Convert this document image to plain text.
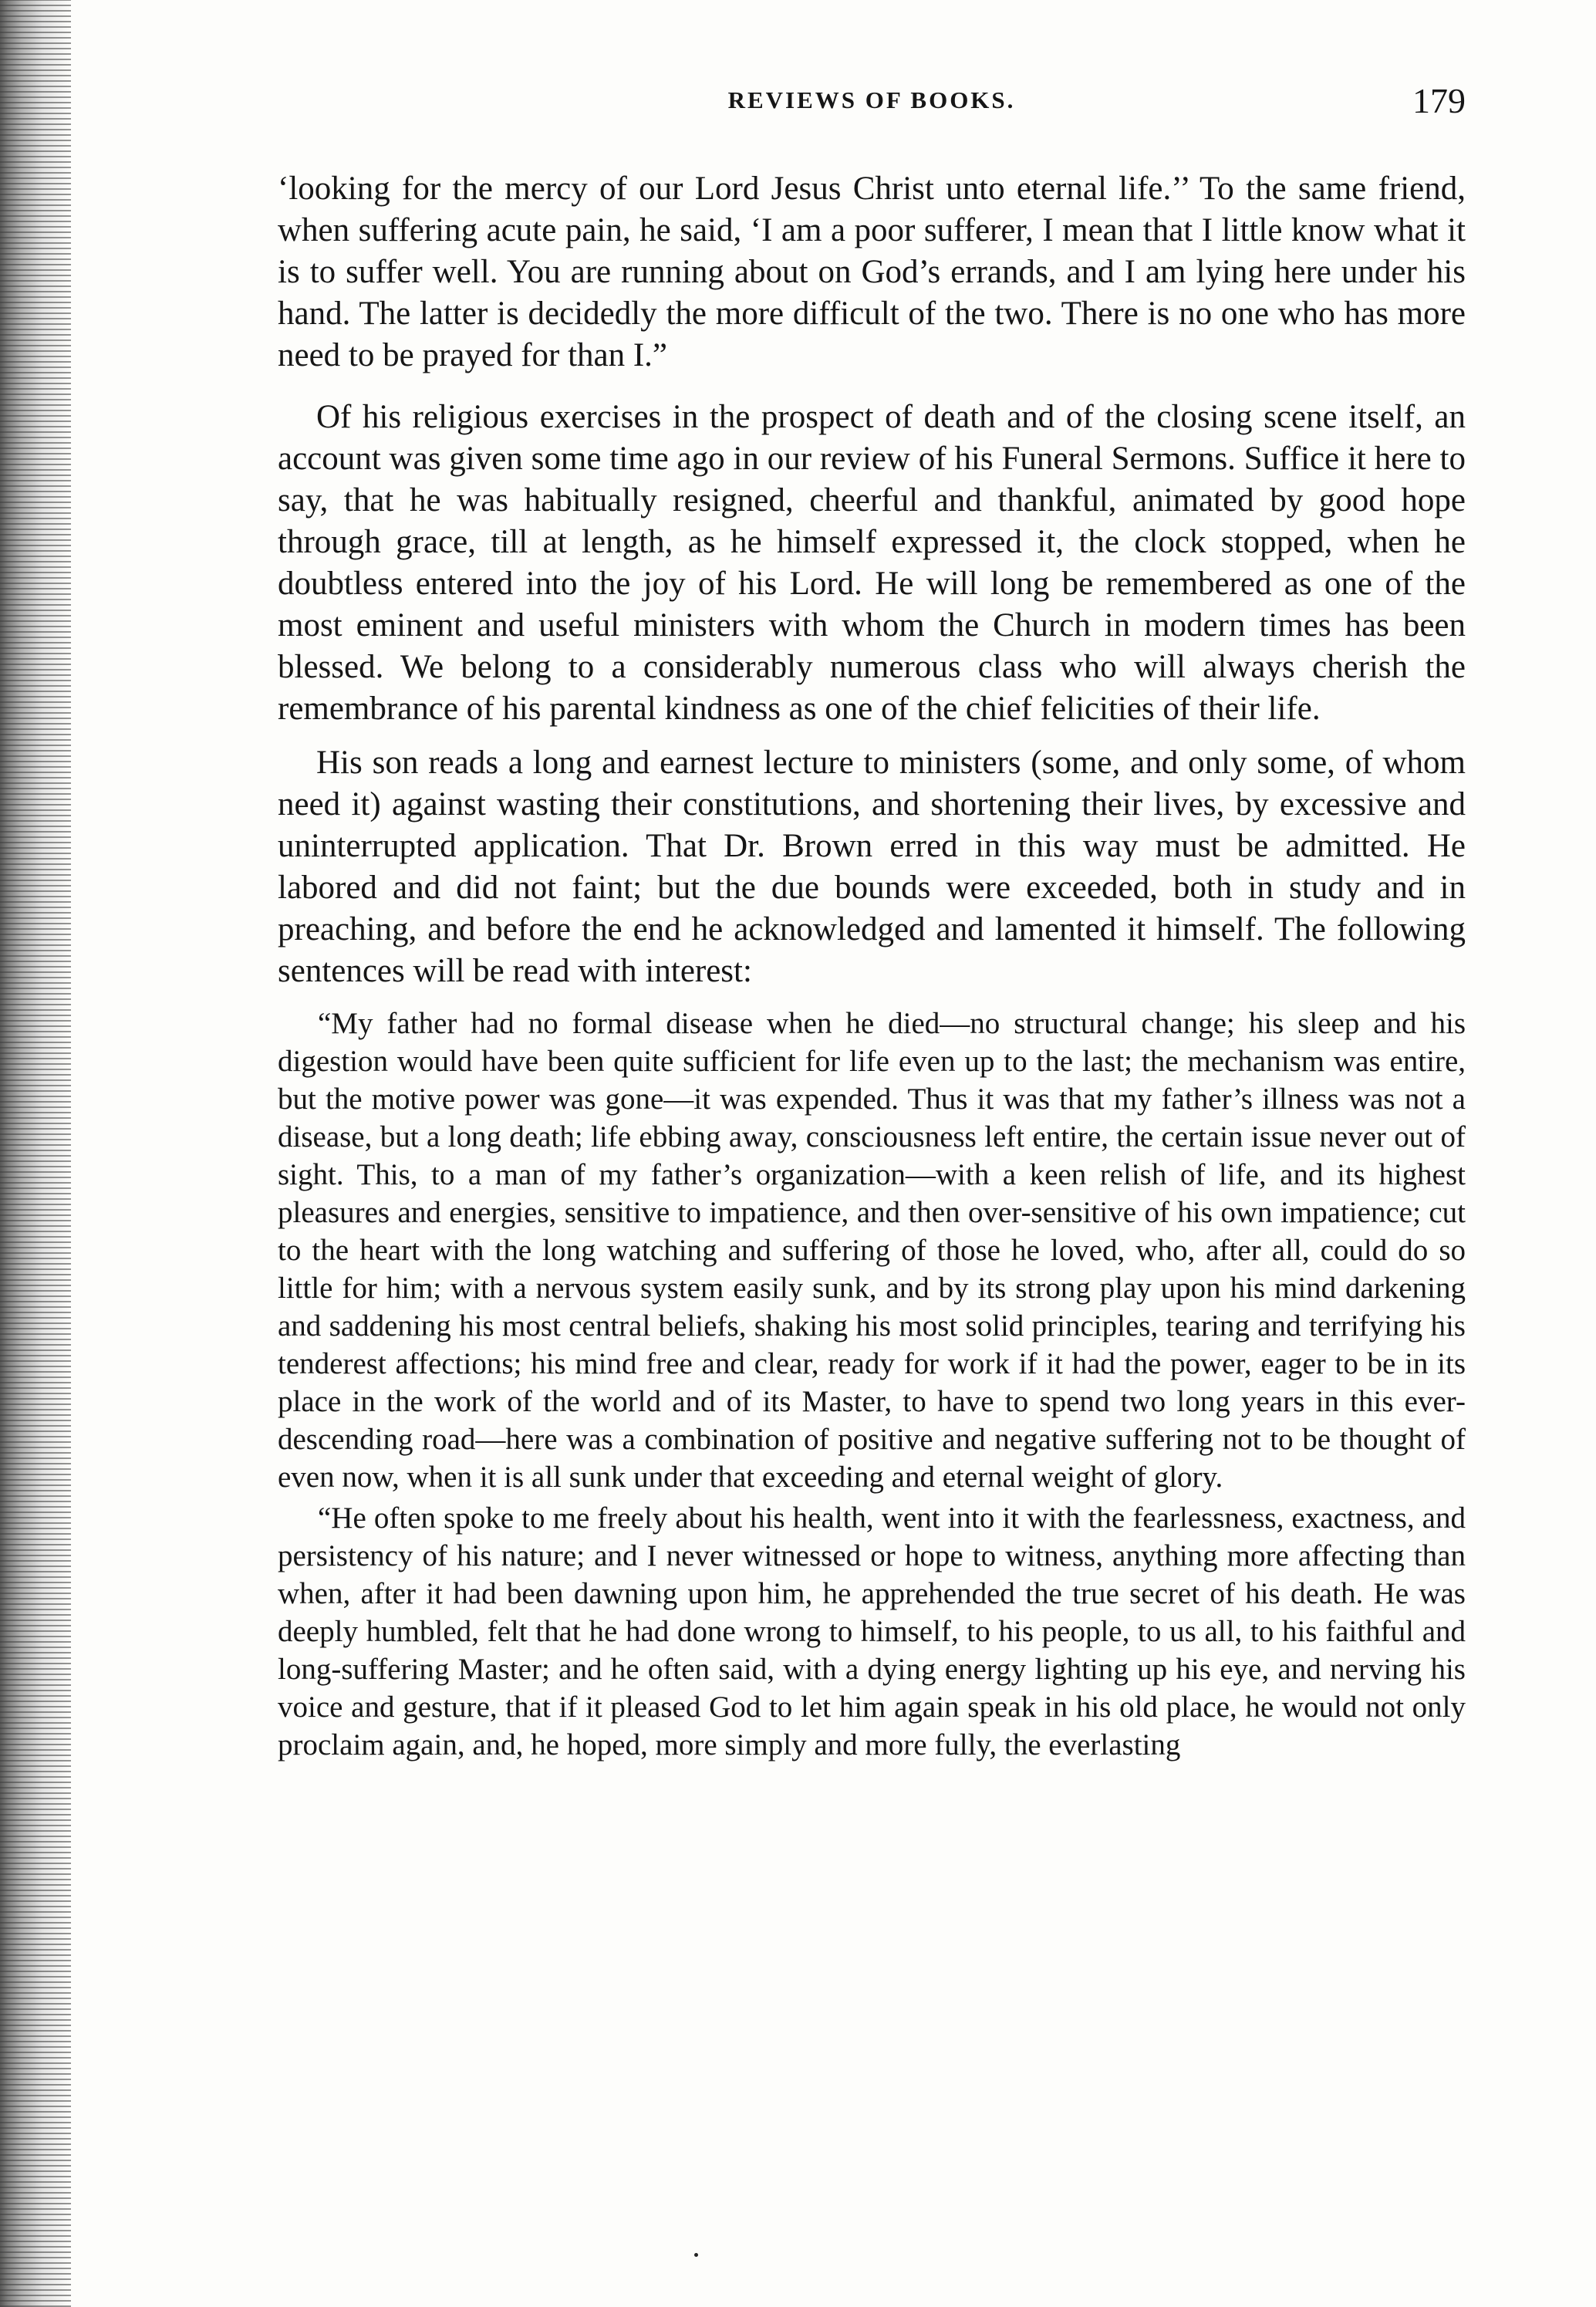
REVIEWS OF BOOKS.	179

‘looking for the mercy of our Lord Jesus Christ unto eternal life.’’ To the same friend, when suffering acute pain, he said, ‘I am a poor sufferer, I mean that I little know what it is to suffer well. You are running about on God’s errands, and I am lying here under his hand. The latter is decidedly the more difficult of the two. There is no one who has more need to be prayed for than I.”

Of his religious exercises in the prospect of death and of the closing scene itself, an account was given some time ago in our review of his Funeral Sermons. Suffice it here to say, that he was habitually resigned, cheerful and thankful, animated by good hope through grace, till at length, as he himself expressed it, the clock stopped, when he doubtless entered into the joy of his Lord. He will long be remembered as one of the most eminent and useful ministers with whom the Church in modern times has been blessed. We belong to a considerably numerous class who will always cherish the remembrance of his parental kindness as one of the chief felicities of their life.

His son reads a long and earnest lecture to ministers (some, and only some, of whom need it) against wasting their constitutions, and shortening their lives, by excessive and uninterrupted application. That Dr. Brown erred in this way must be admitted. He labored and did not faint; but the due bounds were exceeded, both in study and in preaching, and before the end he acknowledged and lamented it himself. The following sentences will be read with interest:

“My father had no formal disease when he died—no structural change; his sleep and his digestion would have been quite sufficient for life even up to the last; the mechanism was entire, but the motive power was gone—it was expended. Thus it was that my father’s illness was not a disease, but a long death; life ebbing away, consciousness left entire, the certain issue never out of sight. This, to a man of my father’s organization—with a keen relish of life, and its highest pleasures and energies, sensitive to impatience, and then over-sensitive of his own impatience; cut to the heart with the long watching and suffering of those he loved, who, after all, could do so little for him; with a nervous system easily sunk, and by its strong play upon his mind darkening and saddening his most central beliefs, shaking his most solid principles, tearing and terrifying his tenderest affections; his mind free and clear, ready for work if it had the power, eager to be in its place in the work of the world and of its Master, to have to spend two long years in this ever-descending road—here was a combination of positive and negative suffering not to be thought of even now, when it is all sunk under that exceeding and eternal weight of glory.

“He often spoke to me freely about his health, went into it with the fearlessness, exactness, and persistency of his nature; and I never witnessed or hope to witness, anything more affecting than when, after it had been dawning upon him, he apprehended the true secret of his death. He was deeply humbled, felt that he had done wrong to himself, to his people, to us all, to his faithful and long-suffering Master; and he often said, with a dying energy lighting up his eye, and nerving his voice and gesture, that if it pleased God to let him again speak in his old place, he would not only proclaim again, and, he hoped, more simply and more fully, the everlasting
